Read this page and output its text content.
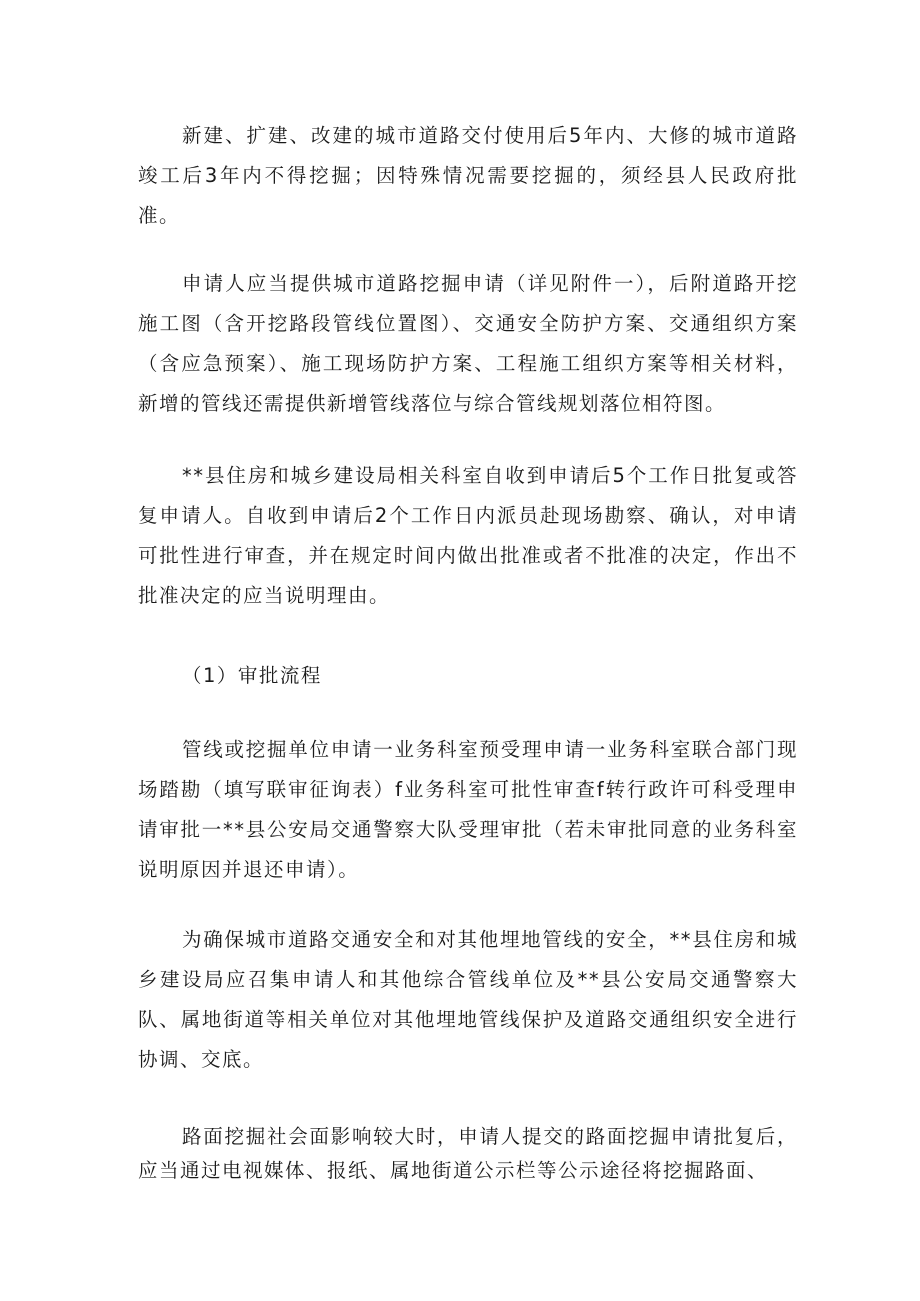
新建、扩建、改建的城市道路交付使用后5年内、大修的城市道路竣工后3年内不得挖掘；因特殊情况需要挖掘的，须经县人民政府批准。

申请人应当提供城市道路挖掘申请（详见附件一），后附道路开挖施工图（含开挖路段管线位置图）、交通安全防护方案、交通组织方案（含应急预案）、施工现场防护方案、工程施工组织方案等相关材料，新增的管线还需提供新增管线落位与综合管线规划落位相符图。

**县住房和城乡建设局相关科室自收到申请后5个工作日批复或答复申请人。自收到申请后2个工作日内派员赴现场勘察、确认，对申请可批性进行审查，并在规定时间内做出批准或者不批准的决定，作出不批准决定的应当说明理由。

（1）审批流程

管线或挖掘单位申请一业务科室预受理申请一业务科室联合部门现场踏勘（填写联审征询表）f业务科室可批性审查f转行政许可科受理申请审批一**县公安局交通警察大队受理审批（若未审批同意的业务科室说明原因并退还申请）。

为确保城市道路交通安全和对其他埋地管线的安全，**县住房和城乡建设局应召集申请人和其他综合管线单位及**县公安局交通警察大队、属地街道等相关单位对其他埋地管线保护及道路交通组织安全进行协调、交底。

路面挖掘社会面影响较大时，申请人提交的路面挖掘申请批复后，应当通过电视媒体、报纸、属地街道公示栏等公示途径将挖掘路面、
